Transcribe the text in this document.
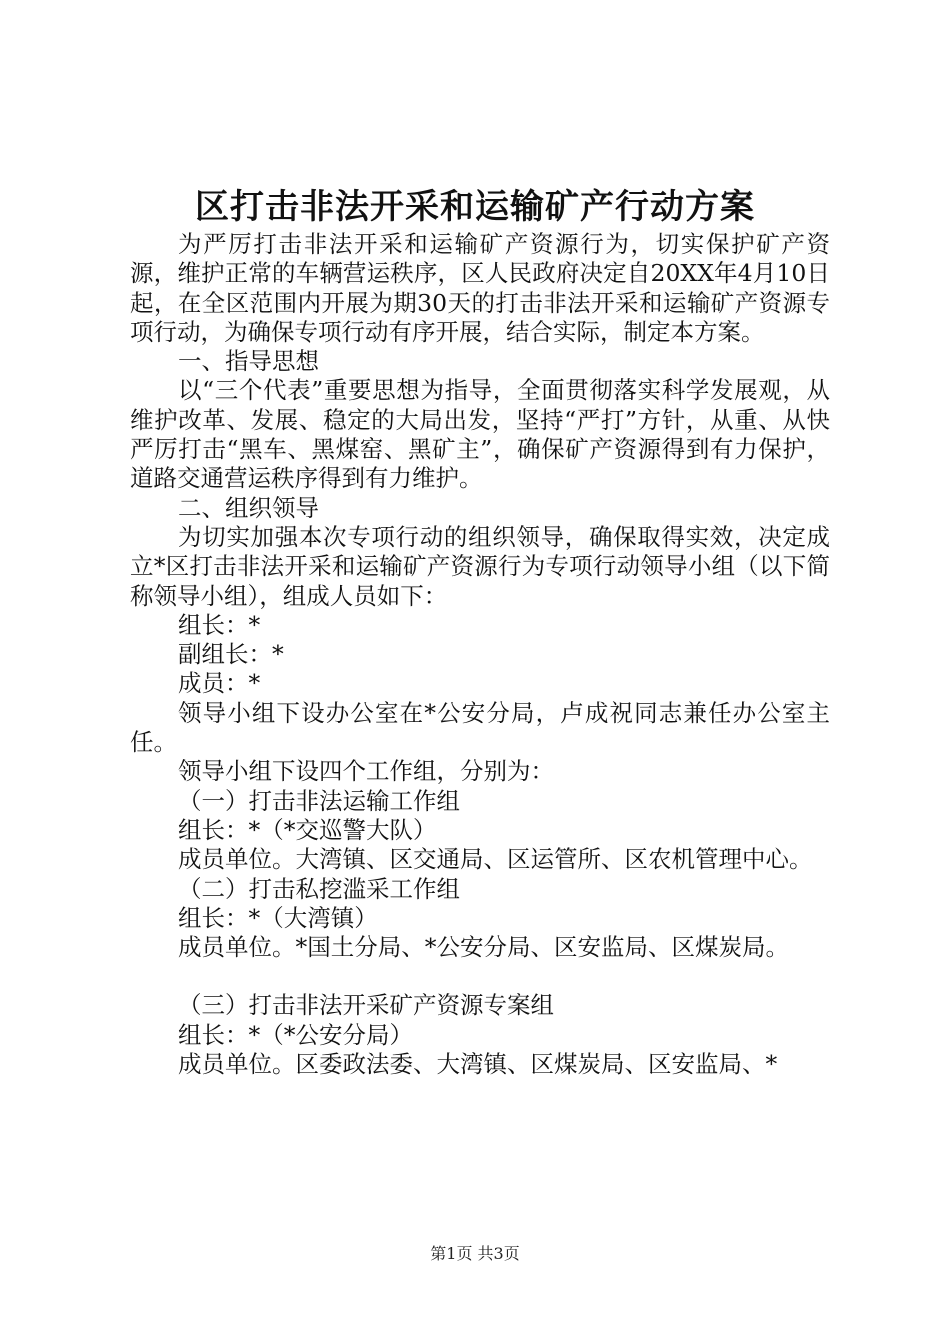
区打击非法开采和运输矿产行动方案

为严厉打击非法开采和运输矿产资源行为，切实保护矿产资源，维护正常的车辆营运秩序，区人民政府决定自20XX年4月10日起，在全区范围内开展为期30天的打击非法开采和运输矿产资源专项行动，为确保专项行动有序开展，结合实际，制定本方案。

一、指导思想

以“三个代表”重要思想为指导，全面贯彻落实科学发展观，从维护改革、发展、稳定的大局出发，坚持“严打”方针，从重、从快严厉打击“黑车、黑煤窑、黑矿主”，确保矿产资源得到有力保护，道路交通营运秩序得到有力维护。

二、组织领导

为切实加强本次专项行动的组织领导，确保取得实效，决定成立*区打击非法开采和运输矿产资源行为专项行动领导小组（以下简称领导小组），组成人员如下：

组长：*

副组长：*

成员：*

领导小组下设办公室在*公安分局，卢成祝同志兼任办公室主任。

领导小组下设四个工作组，分别为：

（一）打击非法运输工作组

组长：*（*交巡警大队）

成员单位。大湾镇、区交通局、区运管所、区农机管理中心。

（二）打击私挖滥采工作组

组长：*（大湾镇）

成员单位。*国土分局、*公安分局、区安监局、区煤炭局。

（三）打击非法开采矿产资源专案组

组长：*（*公安分局）

成员单位。区委政法委、大湾镇、区煤炭局、区安监局、*

第1页 共3页
